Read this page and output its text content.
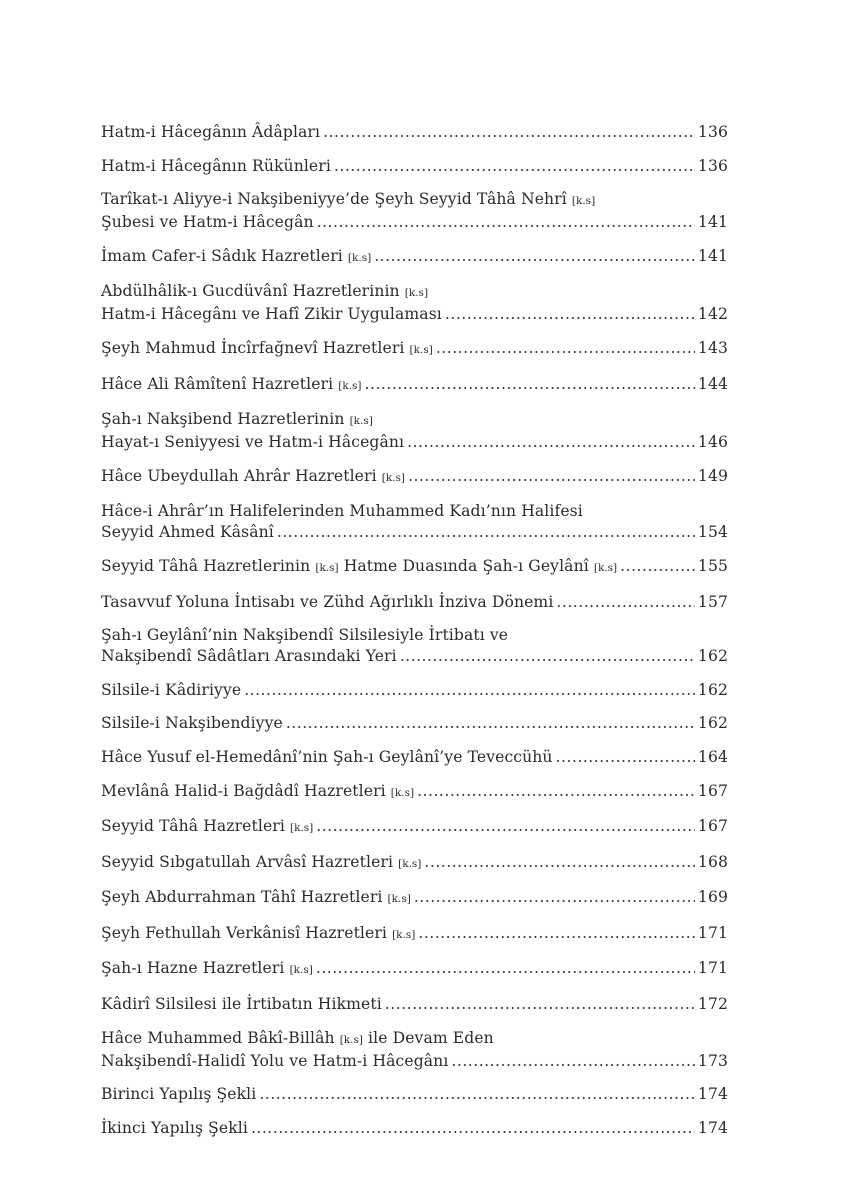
Hatm-i Hâcegânın Âdâpları .....	136
Hatm-i Hâcegânın Rükünleri .....	136
Tarîkat-ı Aliyye-i Nakşibeniyye’de Şeyh Seyyid Tâhâ Nehrî [k.s]
Şubesi ve Hatm-i Hâcegân .....	141
İmam Cafer-i Sâdık Hazretleri [k.s] .....	141
Abdülhâlik-ı Gucdüvânî Hazretlerinin [k.s]
Hatm-i Hâcegânı ve Hafî Zikir Uygulaması .....	142
Şeyh Mahmud İncîrfağnevî Hazretleri [k.s] .....	143
Hâce Ali Râmîtenî Hazretleri [k.s] .....	144
Şah-ı Nakşibend Hazretlerinin [k.s]
Hayat-ı Seniyyesi ve Hatm-i Hâcegânı .....	146
Hâce Ubeydullah Ahrâr Hazretleri [k.s] .....	149
Hâce-i Ahrâr’ın Halifelerinden Muhammed Kadı’nın Halifesi
Seyyid Ahmed Kâsânî .....	154
Seyyid Tâhâ Hazretlerinin [k.s] Hatme Duasında Şah-ı Geylânî [k.s] .....	155
Tasavvuf Yoluna İntisabı ve Zühd Ağırlıklı İnziva Dönemi .....	157
Şah-ı Geylânî’nin Nakşibendî Silsilesiyle İrtibatı ve
Nakşibendî Sâdâtları Arasındaki Yeri .....	162
Silsile-i Kâdiriyye .....	162
Silsile-i Nakşibendiyye .....	162
Hâce Yusuf el-Hemedânî’nin Şah-ı Geylânî’ye Teveccühü .....	164
Mevlânâ Halid-i Bağdâdî Hazretleri [k.s] .....	167
Seyyid Tâhâ Hazretleri [k.s] .....	167
Seyyid Sıbgatullah Arvâsî Hazretleri [k.s] .....	168
Şeyh Abdurrahman Tâhî Hazretleri [k.s] .....	169
Şeyh Fethullah Verkânisî Hazretleri [k.s] .....	171
Şah-ı Hazne Hazretleri [k.s] .....	171
Kâdirî Silsilesi ile İrtibatın Hikmeti .....	172
Hâce Muhammed Bâkî-Billâh [k.s] ile Devam Eden
Nakşibendî-Halidî Yolu ve Hatm-i Hâcegânı .....	173
Birinci Yapılış Şekli .....	174
İkinci Yapılış Şekli .....	174
